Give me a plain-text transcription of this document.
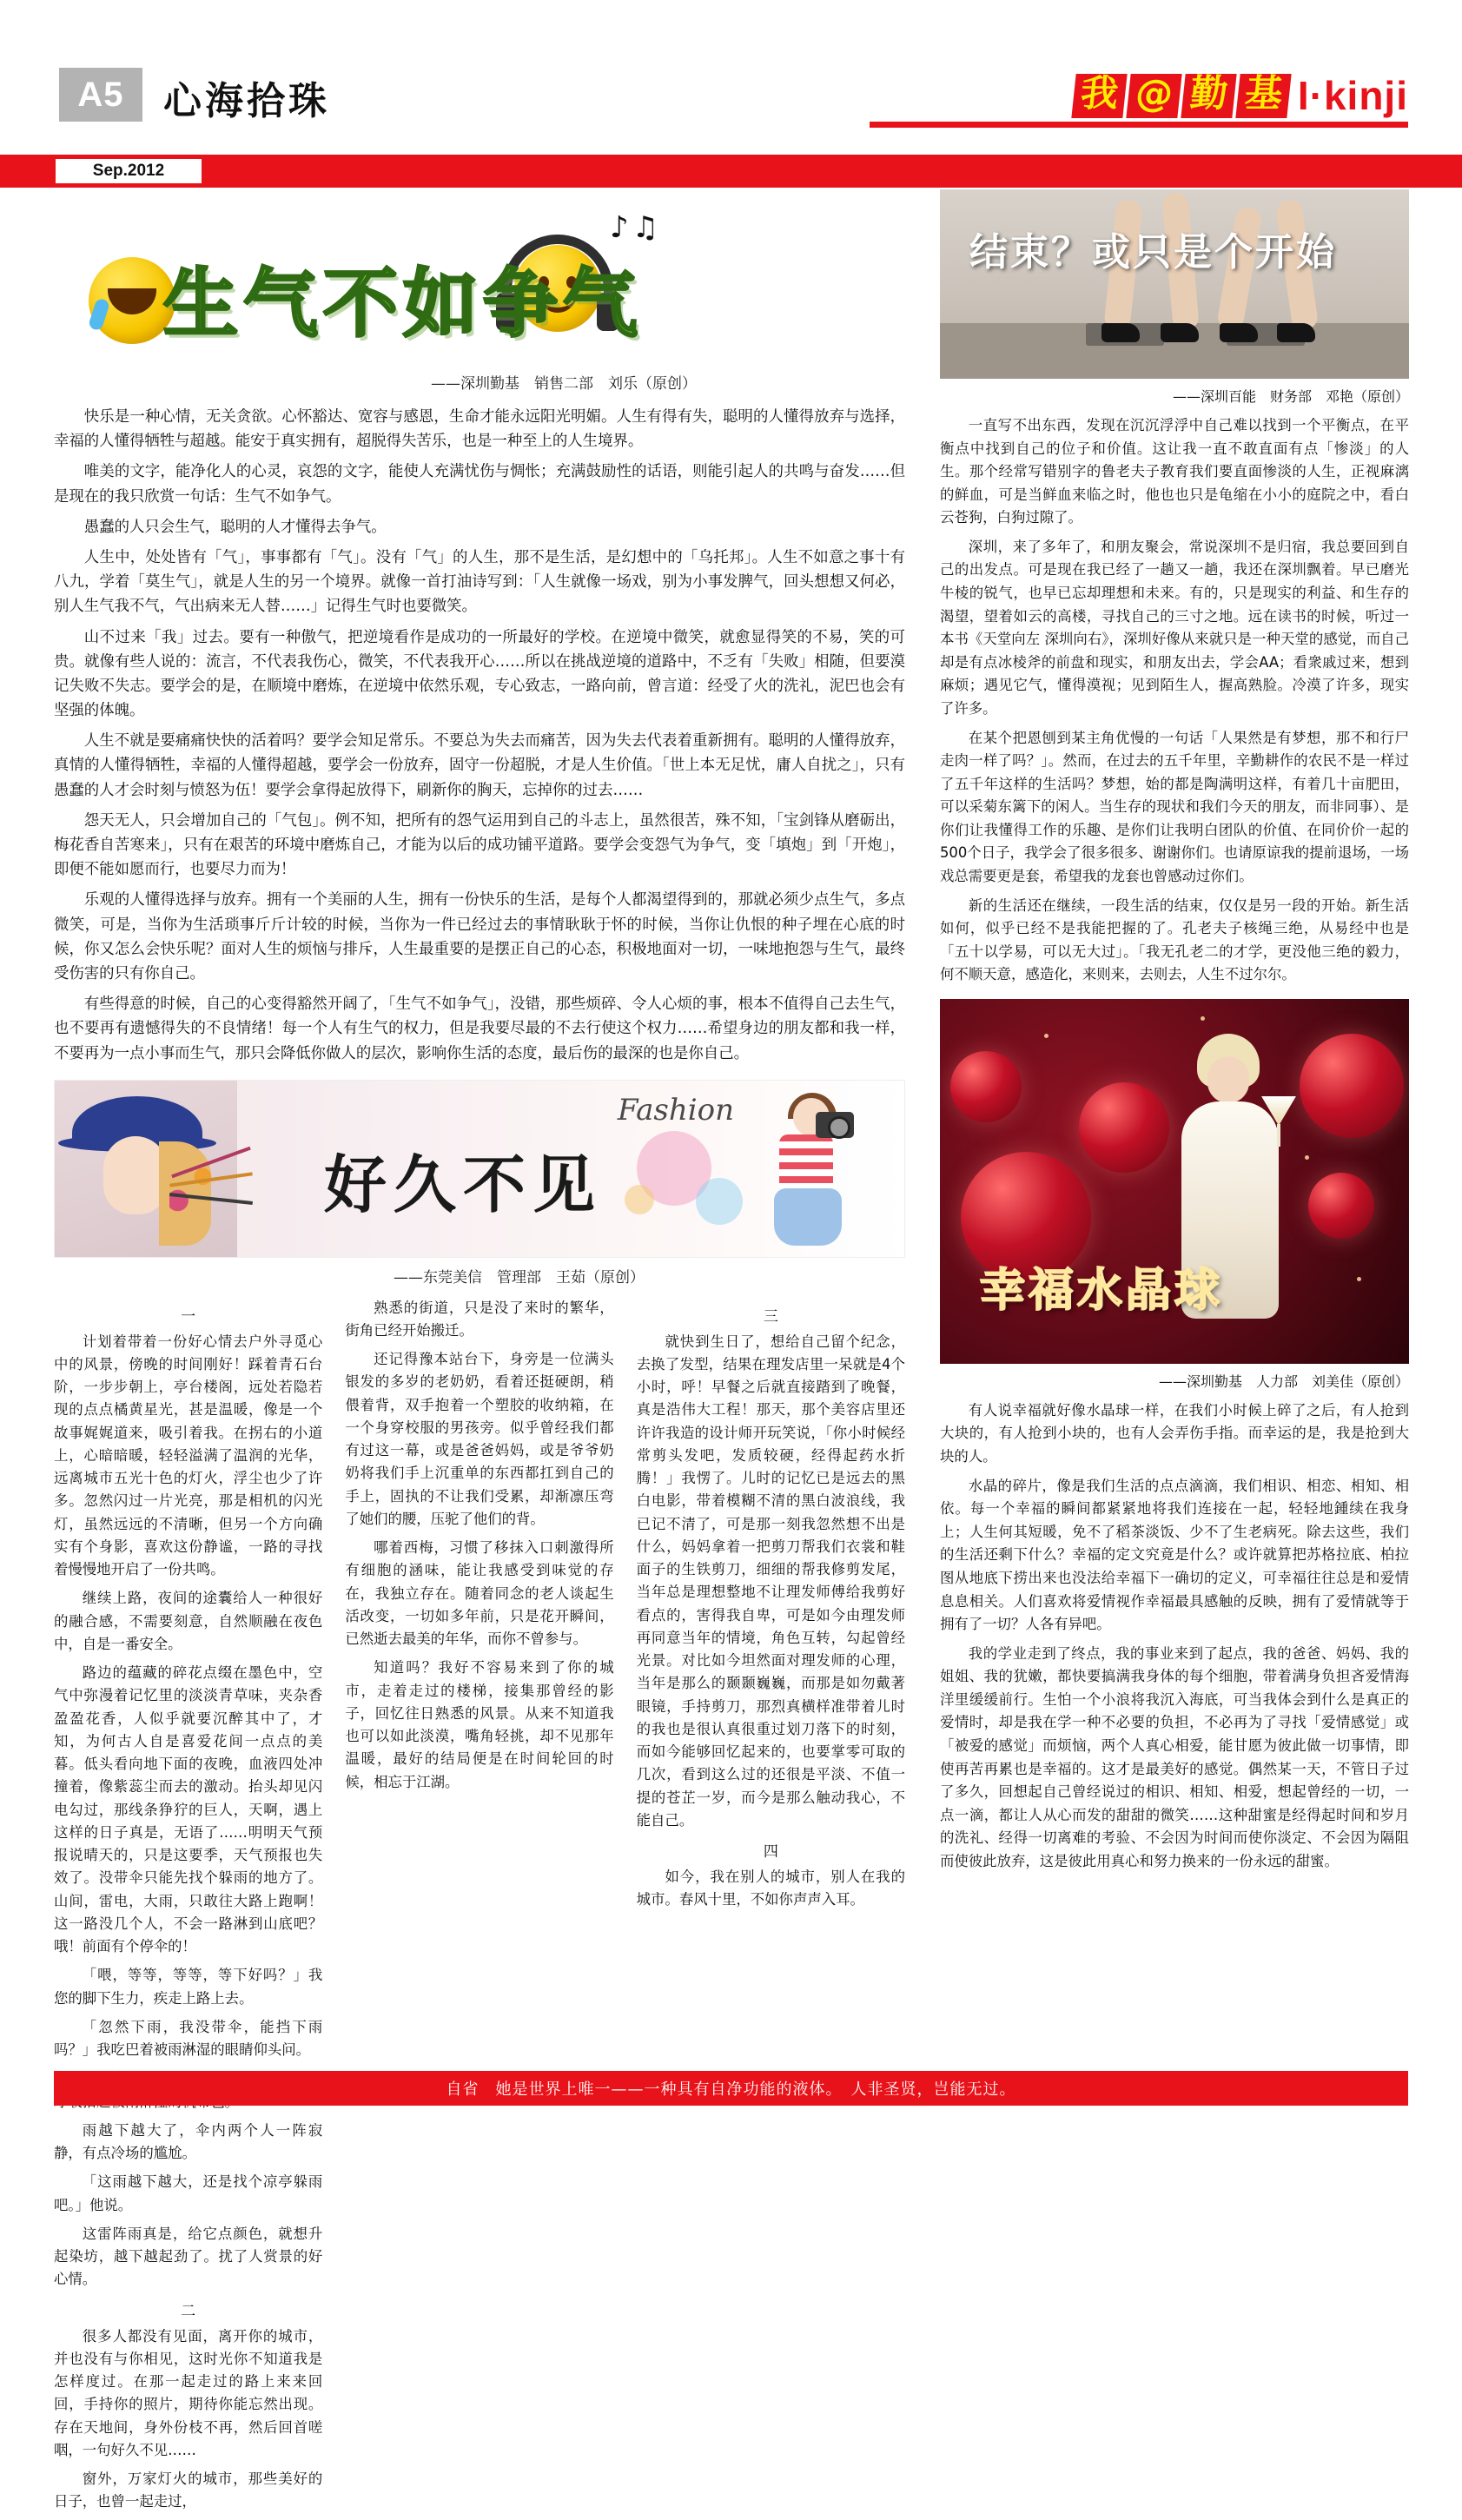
A5	心海拾珠	我 @ 勤 基 I·kinji
Sep.2012
♪♫
生气不如争气
——深圳勤基　销售二部　刘乐（原创）

快乐是一种心情，无关贪欲。心怀豁达、宽容与感恩，生命才能永远阳光明媚。人生有得有失，聪明的人懂得放弃与选择，幸福的人懂得牺牲与超越。能安于真实拥有，超脱得失苦乐，也是一种至上的人生境界。

唯美的文字，能净化人的心灵，哀怨的文字，能使人充满忧伤与惆怅；充满鼓励性的话语，则能引起人的共鸣与奋发……但是现在的我只欣赏一句话：生气不如争气。

愚蠢的人只会生气，聪明的人才懂得去争气。

人生中，处处皆有「气」，事事都有「气」。没有「气」的人生，那不是生活，是幻想中的「乌托邦」。人生不如意之事十有八九，学着「莫生气」，就是人生的另一个境界。就像一首打油诗写到：「人生就像一场戏，别为小事发脾气，回头想想又何必，别人生气我不气，气出病来无人替……」记得生气时也要微笑。

山不过来「我」过去。要有一种傲气，把逆境看作是成功的一所最好的学校。在逆境中微笑，就愈显得笑的不易，笑的可贵。就像有些人说的：流言，不代表我伤心，微笑，不代表我开心……所以在挑战逆境的道路中，不乏有「失败」相随，但要漠记失败不失志。要学会的是，在顺境中磨炼，在逆境中依然乐观，专心致志，一路向前，曾言道：经受了火的洗礼，泥巴也会有坚强的体魄。

人生不就是要痛痛快快的活着吗？要学会知足常乐。不要总为失去而痛苦，因为失去代表着重新拥有。聪明的人懂得放弃，真情的人懂得牺牲，幸福的人懂得超越，要学会一份放弃，固守一份超脱，才是人生价值。「世上本无足忧，庸人自扰之」，只有愚蠢的人才会时刻与愤怒为伍！要学会拿得起放得下，刷新你的胸天，忘掉你的过去……

怨天无人，只会增加自己的「气包」。例不知，把所有的怨气运用到自己的斗志上，虽然很苦，殊不知，「宝剑锋从磨砺出，梅花香自苦寒来」，只有在艰苦的环境中磨炼自己，才能为以后的成功铺平道路。要学会变怨气为争气，变「填炮」到「开炮」，即便不能如愿而行，也要尽力而为！

乐观的人懂得选择与放弃。拥有一个美丽的人生，拥有一份快乐的生活，是每个人都渴望得到的，那就必须少点生气，多点微笑，可是，当你为生活琐事斤斤计较的时候，当你为一件已经过去的事情耿耿于怀的时候，当你让仇恨的种子埋在心底的时候，你又怎么会快乐呢？面对人生的烦恼与排斥，人生最重要的是摆正自己的心态，积极地面对一切，一味地抱怨与生气，最终受伤害的只有你自己。

有些得意的时候，自己的心变得豁然开阔了，「生气不如争气」，没错，那些烦碎、令人心烦的事，根本不值得自己去生气，也不要再有遗憾得失的不良情绪！每一个人有生气的权力，但是我要尽最的不去行使这个权力……希望身边的朋友都和我一样，不要再为一点小事而生气，那只会降低你做人的层次，影响你生活的态度，最后伤的最深的也是你自己。

Fashion
好久不见
——东莞美信　管理部　王茹（原创）
一

计划着带着一份好心情去户外寻觅心中的风景，傍晚的时间刚好！踩着青石台阶，一步步朝上，亭台楼阁，远处若隐若现的点点橘黄星光，甚是温暖，像是一个故事娓娓道来，吸引着我。在拐右的小道上，心暗暗暖，轻轻溢满了温润的光华，远离城市五光十色的灯火，浮尘也少了许多。忽然闪过一片光亮，那是相机的闪光灯，虽然远远的不清晰，但另一个方向确实有个身影，喜欢这份静谧，一路的寻找着慢慢地开启了一份共鸣。

继续上路，夜间的途囊给人一种很好的融合感，不需要刻意，自然顺融在夜色中，自是一番安全。

路边的蕴藏的碎花点缀在墨色中，空气中弥漫着记忆里的淡淡青草味，夹杂香盈盈花香，人似乎就要沉醉其中了，才知，为何古人自是喜爱花间一点点的美暮。低头看向地下面的夜晚，血液四处冲撞着，像紫蕊尘而去的激动。抬头却见闪电勾过，那线条狰狞的巨人，天啊，遇上这样的日子真是，无语了……明明天气预报说晴天的，只是这要季，天气预报也失效了。没带伞只能先找个躲雨的地方了。山间，雷电，大雨，只敢往大路上跑啊！这一路没几个人，不会一路淋到山底吧？哦！前面有个停伞的！

「喂，等等，等等，等下好吗？」我您的脚下生力，疾走上路上去。

「忽然下雨，我没带伞，能挡下雨吗？」我吃巴着被雨淋湿的眼睛仰头问。

雨越下越大了，伞内两个人一阵寂静，有点冷场的尴尬。

「这雨越下越大，还是找个凉亭躲雨吧。」他说。

这雷阵雨真是，给它点颜色，就想升起染坊，越下越起劲了。扰了人赏景的好心情。

二

很多人都没有见面，离开你的城市，并也没有与你相见，这时光你不知道我是怎样度过。在那一起走过的路上来来回回，手持你的照片，期待你能忘然出现。存在天地间，身外份枝不再，然后回首嗟咽，一句好久不见……

窗外，万家灯火的城市，那些美好的日子，也曾一起走过，

熟悉的街道，只是没了来时的繁华，街角已经开始搬迁。

还记得豫本站台下，身旁是一位满头银发的多岁的老奶奶，看着还挺硬朗，稍偎着背，双手抱着一个塑胶的收纳箱，在一个身穿校服的男孩旁。似乎曾经我们都有过这一幕，或是爸爸妈妈，或是爷爷奶奶将我们手上沉重单的东西都扛到自己的手上，固执的不让我们受累，却渐凛压弯了她们的腰，压驼了他们的背。

哪着西梅，习惯了移抹入口刺激得所有细胞的涵味，能让我感受到味觉的存在，我独立存在。随着同念的老人谈起生活改变，一切如多年前，只是花开瞬间，已然逝去最美的年华，而你不曾参与。

知道吗？我好不容易来到了你的城市，走着走过的楼梯，接集那曾经的影子，回忆往日熟悉的风景。从来不知道我也可以如此淡漠，嘴角轻挑，却不见那年温暖，最好的结局便是在时间轮回的时候，相忘于江湖。

三

就快到生日了，想给自己留个纪念，去换了发型，结果在理发店里一呆就是4个小时，呼！早餐之后就直接踏到了晚餐，真是浩伟大工程！那天，那个美容店里还许许我造的设计师开玩笑说，「你小时候经常剪头发吧，发质较硬，经得起药水折腾！」我愣了。儿时的记忆已是远去的黑白电影，带着模糊不清的黑白波浪线，我已记不清了，可是那一刻我忽然想不出是什么，妈妈拿着一把剪刀帮我们衣裳和鞋面子的生铁剪刀，细细的帮我修剪发尾，当年总是理想整地不让理发师傅给我剪好看点的，害得我自卑，可是如今由理发师再同意当年的情境，角色互转，勾起曾经光景。对比如今坦然面对理发师的心理，当年是那么的颞颞巍巍，而那是如勿戴著眼镜，手持剪刀，那烈真横样准带着儿时的我也是很认真很重过划刀落下的时刻，而如今能够回忆起来的，也要掌零可取的几次，看到这么过的还很是平淡、不值一提的苍芷一岁，而今是那么触动我心，不能自己。

四

如今，我在别人的城市，别人在我的城市。春风十里，不如你声声入耳。

结束？或只是个开始
——深圳百能　财务部　邓艳（原创）

一直写不出东西，发现在沉沉浮浮中自己难以找到一个平衡点，在平衡点中找到自己的位子和价值。这让我一直不敢直面有点「惨淡」的人生。那个经常写错别字的鲁老夫子教育我们要直面惨淡的人生，正视麻漓的鲜血，可是当鲜血来临之时，他也也只是龟缩在小小的庭院之中，看白云苍狗，白狗过隙了。

深圳，来了多年了，和朋友聚会，常说深圳不是归宿，我总要回到自己的出发点。可是现在我已经了一趟又一趟，我还在深圳飘着。早已磨光牛棱的锐气，也早已忘却理想和未来。有的，只是现实的利益、和生存的渴望，望着如云的高楼，寻找自己的三寸之地。远在读书的时候，听过一本书《天堂向左 深圳向右》，深圳好像从来就只是一种天堂的感觉，而自己却是有点冰棱斧的前盘和现实，和朋友出去，学会AA；看衆戚过来，想到麻烦；遇见它气，懂得漠视；见到陌生人，握高熟脸。冷漠了许多，现实了许多。

在某个把恩刨到某主角优慢的一句话「人果然是有梦想，那不和行尸走肉一样了吗？」。然而，在过去的五千年里，辛勤耕作的农民不是一样过了五千年这样的生活吗？梦想，始的都是陶满明这样，有着几十亩肥田，可以采菊东篱下的闲人。当生存的现状和我们今天的朋友，而非同事）、是你们让我懂得工作的乐趣、是你们让我明白团队的价值、在同价价一起的500个日子，我学会了很多很多、谢谢你们。也请原谅我的提前退场，一场戏总需要更是套，希望我的龙套也曾感动过你们。

新的生活还在继续，一段生活的结束，仅仅是另一段的开始。新生活如何，似乎已经不是我能把握的了。孔老夫子核绳三绝，从易经中也是「五十以学易，可以无大过」。「我无孔老二的才学，更没他三绝的毅力，何不顺天意，感造化，来则来，去则去，人生不过尔尔。

幸福水晶球
——深圳勤基　人力部　刘美佳（原创）

有人说幸福就好像水晶球一样，在我们小时候上碎了之后，有人抢到大块的，有人抢到小块的，也有人会弄伤手指。而幸运的是，我是抢到大块的人。

水晶的碎片，像是我们生活的点点滴滴，我们相识、相恋、相知、相依。每一个幸福的瞬间都紧紧地将我们连接在一起，轻轻地鍾续在我身上；人生何其短暖，免不了稻茶淡饭、少不了生老病死。除去这些，我们的生活还剩下什么？幸福的定文究竟是什么？或许就算把苏格拉底、柏拉图从地底下捞出来也没法给幸福下一确切的定义，可幸福往往总是和爱情息息相关。人们喜欢将爱情视作幸福最具感触的反映，拥有了爱情就等于拥有了一切？人各有异吧。

我的学业走到了终点，我的事业来到了起点，我的爸爸、妈妈、我的姐姐、我的犹嫩，都快要搞满我身体的每个细胞，带着满身负担吝爱情海洋里缓缓前行。生怕一个小浪将我沉入海底，可当我体会到什么是真正的爱情时，却是我在学一种不必要的负担，不必再为了寻找「爱情感觉」或「被爱的感觉」而烦恼，两个人真心相爱，能甘愿为彼此做一切事情，即使再苦再累也是幸福的。这才是最美好的感觉。偶然某一天，不管日子过了多久，回想起自己曾经说过的相识、相知、相爱，想起曾经的一切，一点一滴，都让人从心而发的甜甜的微笑……这种甜蜜是经得起时间和岁月的洗礼、经得一切离难的考验、不会因为时间而使你淡定、不会因为隔阻而使彼此放弃，这是彼此用真心和努力换来的一份永远的甜蜜。

自省　她是世界上唯一——一种具有自净功能的液体。　人非圣贤，岂能无过。
